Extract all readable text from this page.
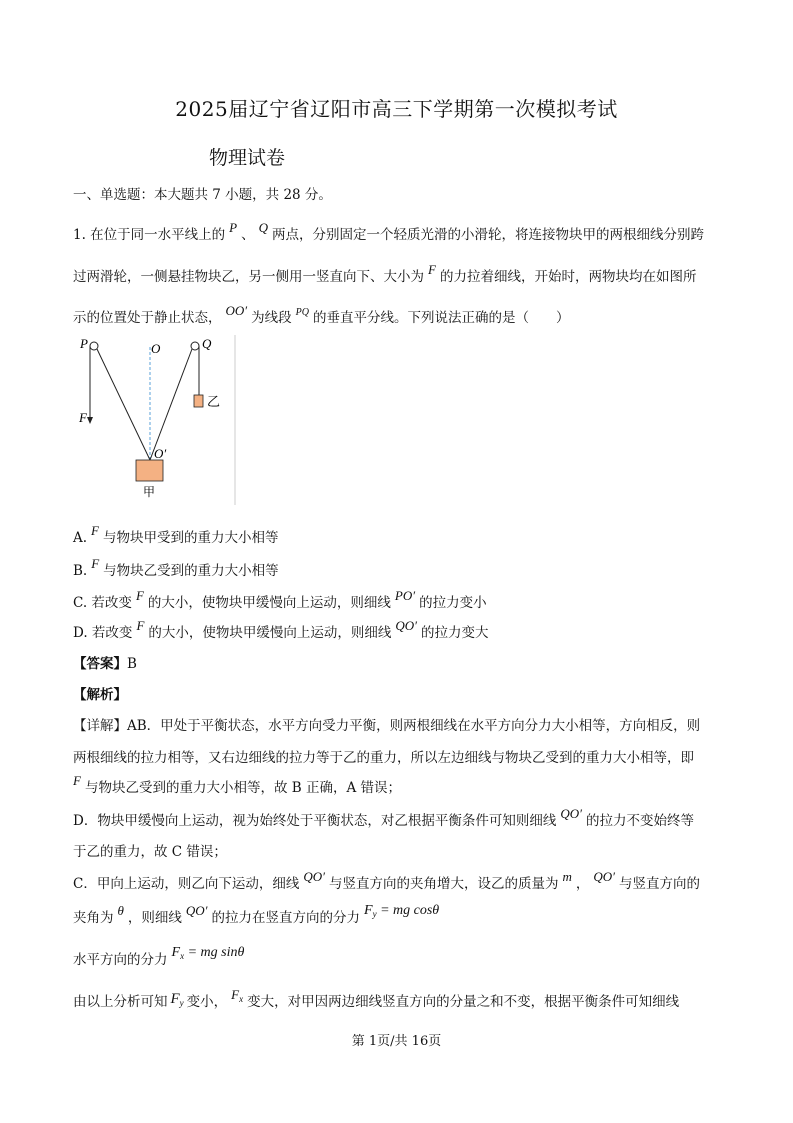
2025届辽宁省辽阳市高三下学期第一次模拟考试
物理试卷
一、单选题：本大题共 7 小题，共 28 分。
1. 在位于同一水平线上的 P 、 Q 两点，分别固定一个轻质光滑的小滑轮，将连接物块甲的两根细线分别跨
过两滑轮，一侧悬挂物块乙，另一侧用一竖直向下、大小为 F 的力拉着细线，开始时，两物块均在如图所
示的位置处于静止状态， OO′ 为线段 $^{PQ}$ 的垂直平分线。下列说法正确的是（　　）
P	O	Q
F
O′
乙
甲
A. F 与物块甲受到的重力大小相等
B. F 与物块乙受到的重力大小相等
C. 若改变 F 的大小，使物块甲缓慢向上运动，则细线 PO′ 的拉力变小
D. 若改变 F 的大小，使物块甲缓慢向上运动，则细线 QO′ 的拉力变大
【答案】B
【解析】
【详解】AB．甲处于平衡状态，水平方向受力平衡，则两根细线在水平方向分力大小相等，方向相反，则
两根细线的拉力相等，又右边细线的拉力等于乙的重力，所以左边细线与物块乙受到的重力大小相等，即
F 与物块乙受到的重力大小相等，故 B 正确，A 错误；
D．物块甲缓慢向上运动，视为始终处于平衡状态，对乙根据平衡条件可知则细线 QO′ 的拉力不变始终等
于乙的重力，故 C 错误；
C．甲向上运动，则乙向下运动，细线 QO′ 与竖直方向的夹角增大，设乙的质量为 m ， QO′ 与竖直方向的
夹角为 θ ，则细线 QO′ 的拉力在竖直方向的分力 $F_y$ = mg cosθ
水平方向的分力 $F_x$ = mg sinθ
由以上分析可知 $F_y$ 变小， $F_x$ 变大，对甲因两边细线竖直方向的分量之和不变，根据平衡条件可知细线
第 1页/共 16页
